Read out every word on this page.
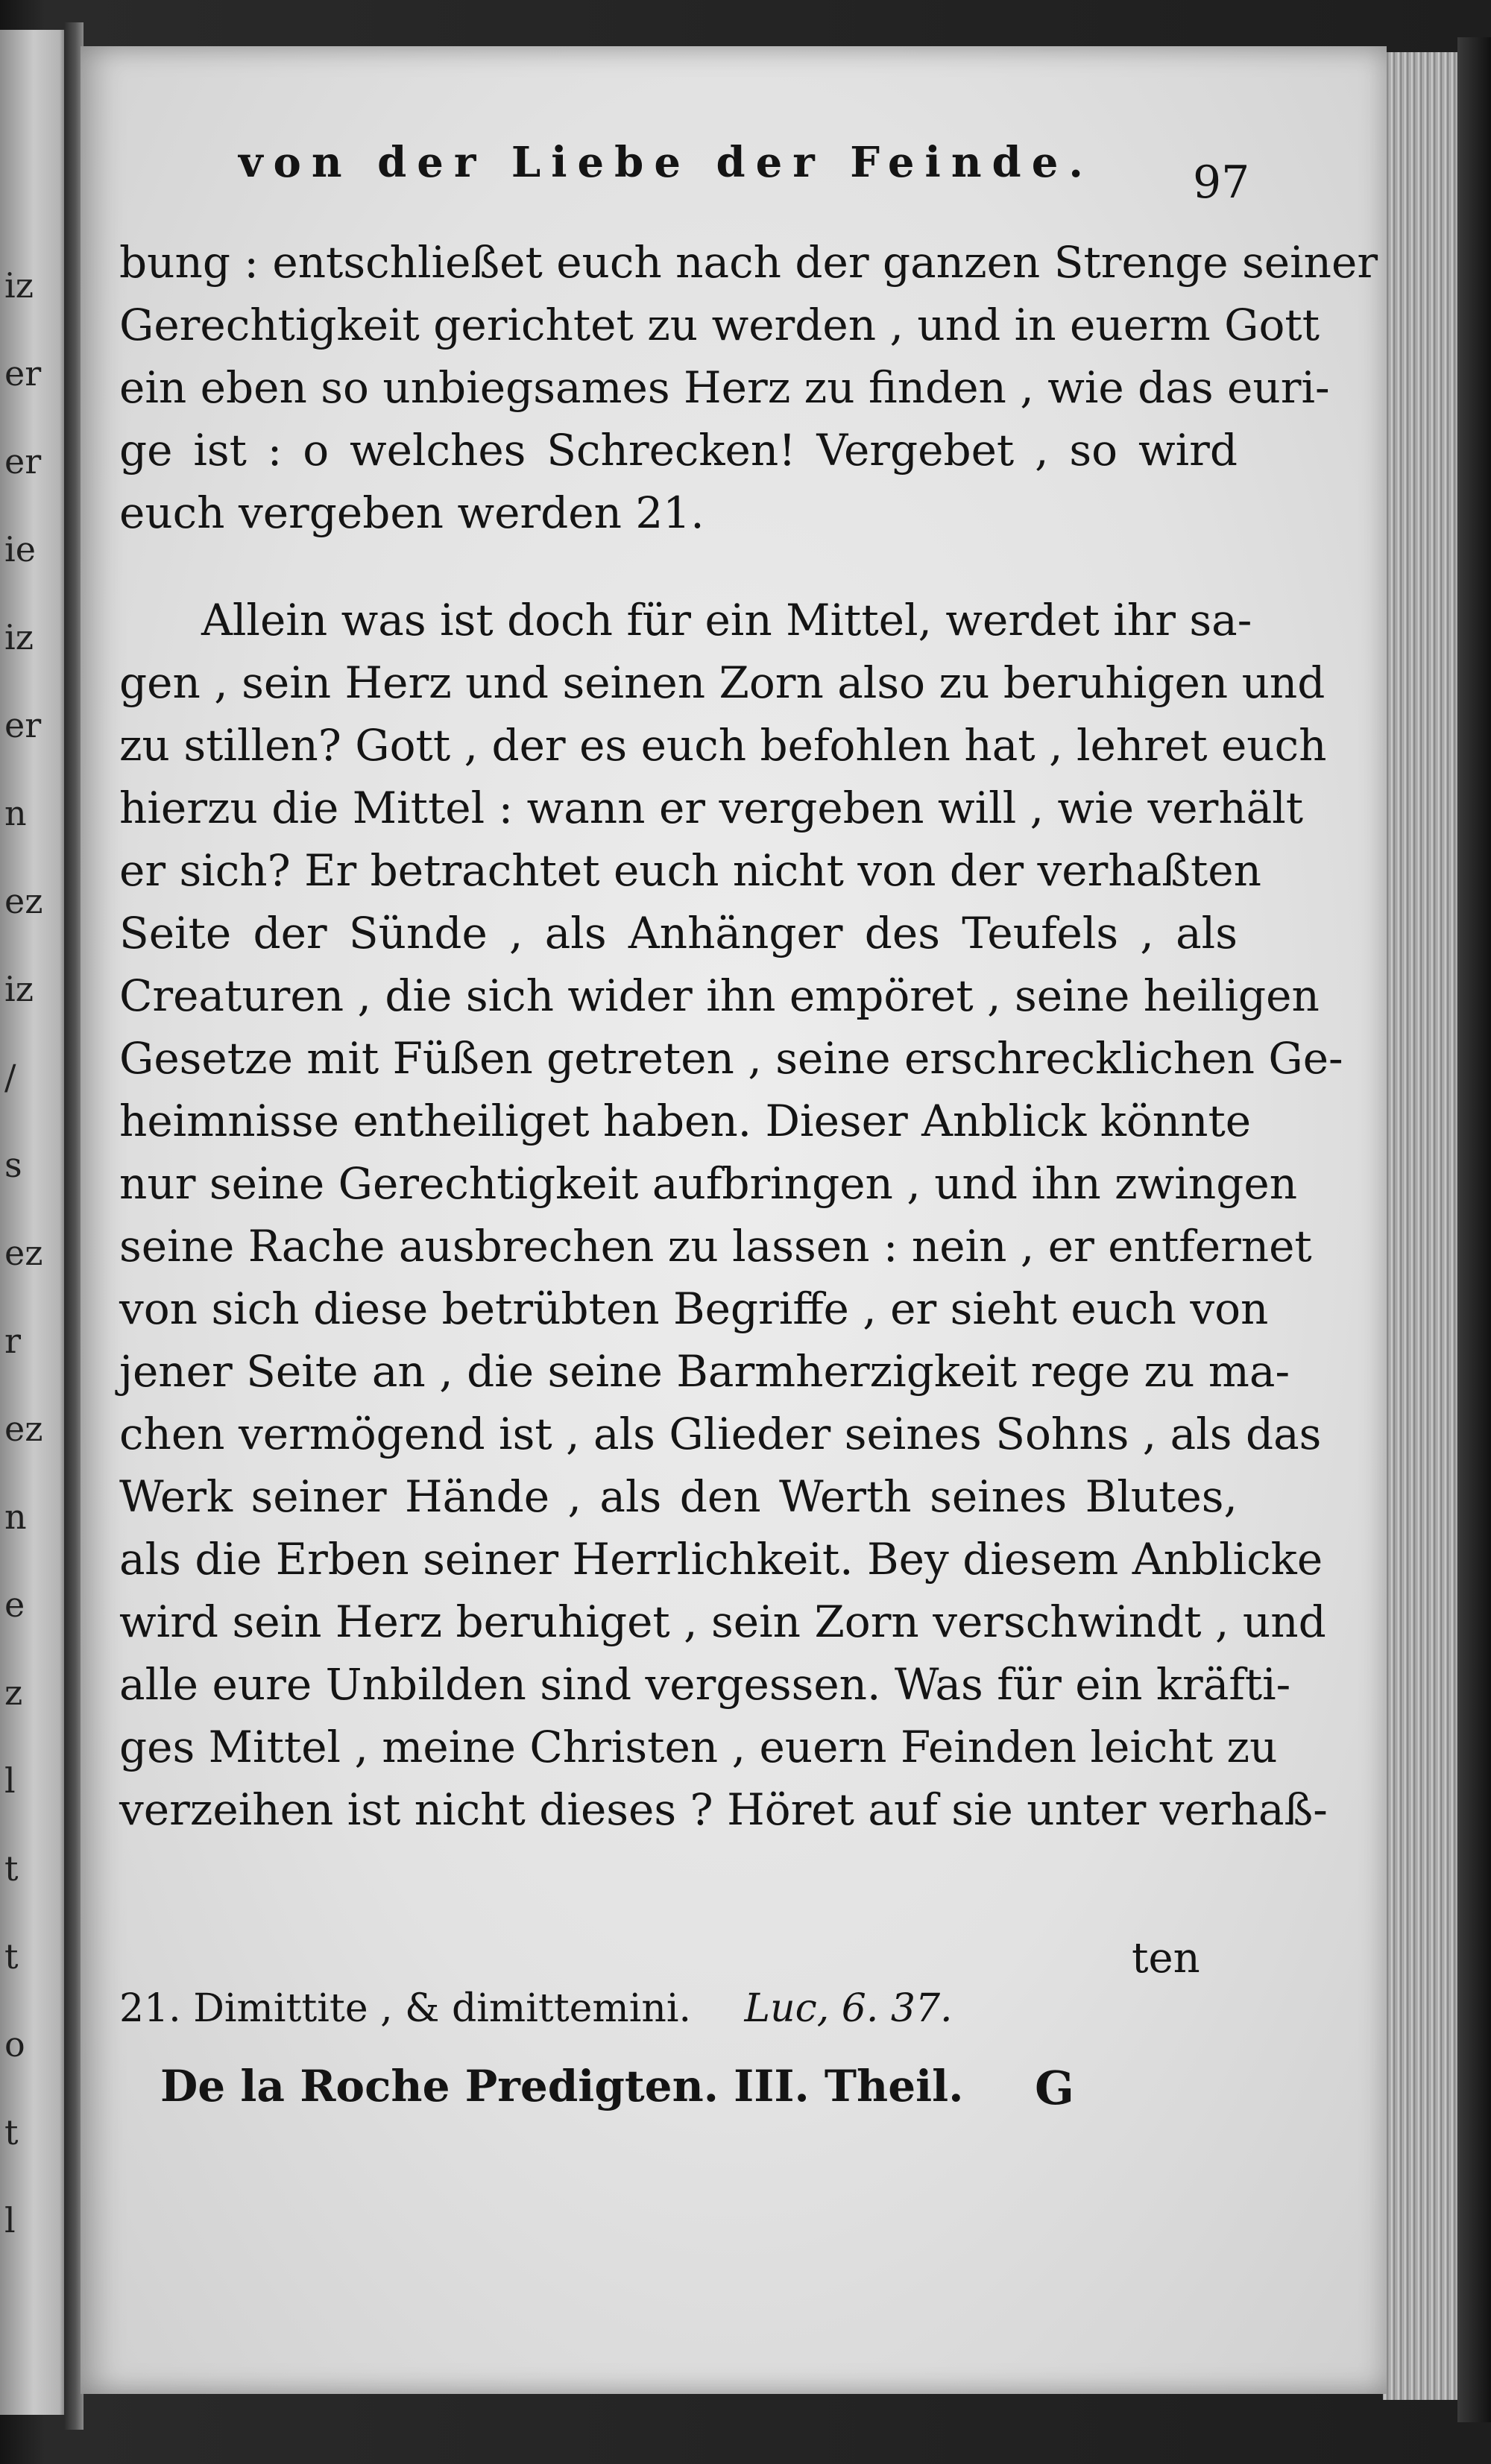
iz
er
er
ie
iz
er
n
ez
iz
/
s
ez
r
ez
n
e
z
l
t
t
o
t
l
von der Liebe der Feinde. 97
bung : entschließet euch nach der ganzen Strenge seiner
Gerechtigkeit gerichtet zu werden , und in euerm Gott
ein eben so unbiegsames Herz zu finden , wie das euri-
ge ist : o welches Schrecken! Vergebet , so wird
euch vergeben werden 21.
Allein was ist doch für ein Mittel, werdet ihr sa-
gen , sein Herz und seinen Zorn also zu beruhigen und
zu stillen? Gott , der es euch befohlen hat , lehret euch
hierzu die Mittel : wann er vergeben will , wie verhält
er sich? Er betrachtet euch nicht von der verhaßten
Seite der Sünde , als Anhänger des Teufels , als
Creaturen , die sich wider ihn empöret , seine heiligen
Gesetze mit Füßen getreten , seine erschrecklichen Ge-
heimnisse entheiliget haben. Dieser Anblick könnte
nur seine Gerechtigkeit aufbringen , und ihn zwingen
seine Rache ausbrechen zu lassen : nein , er entfernet
von sich diese betrübten Begriffe , er sieht euch von
jener Seite an , die seine Barmherzigkeit rege zu ma-
chen vermögend ist , als Glieder seines Sohns , als das
Werk seiner Hände , als den Werth seines Blutes,
als die Erben seiner Herrlichkeit. Bey diesem Anblicke
wird sein Herz beruhiget , sein Zorn verschwindt , und
alle eure Unbilden sind vergessen. Was für ein kräfti-
ges Mittel , meine Christen , euern Feinden leicht zu
verzeihen ist nicht dieses ? Höret auf sie unter verhaß-
ten
21. Dimittite , & dimittemini. Luc, 6. 37.
De la Roche Predigten. III. Theil. G
